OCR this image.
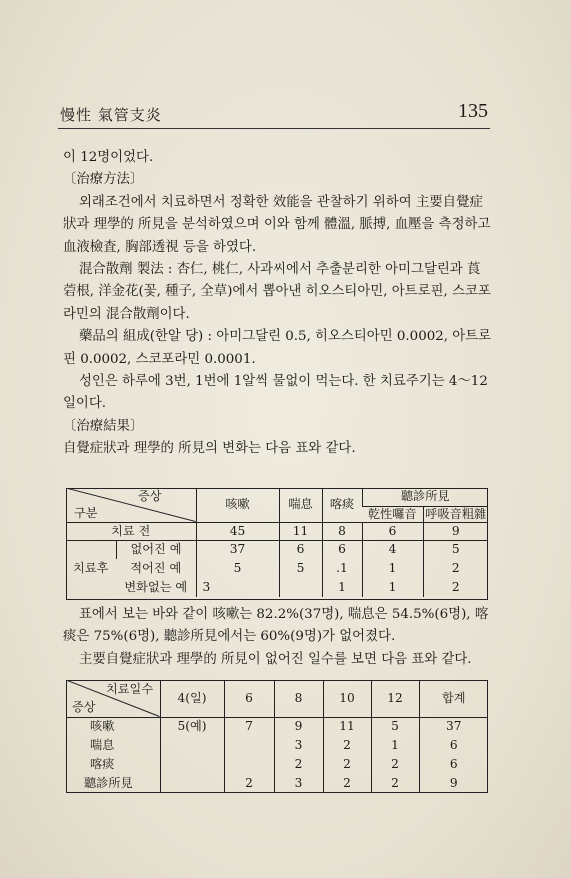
慢性 氣管支炎	135

이 12명이었다.

〔治療方法〕

외래조건에서 치료하면서 정확한 效能을 관찰하기 위하여 主要自覺症狀과 理學的 所見을 분석하였으며 이와 함께 體溫, 脈搏, 血壓을 측정하고 血液檢査, 胸部透視 등을 하였다.

混合散劑 製法 : 杏仁, 桃仁, 사과씨에서 추출분리한 아미그달린과 莨菪根, 洋金花(꽃, 種子, 全草)에서 뽑아낸 히오스티아민, 아트로핀, 스코포라민의 混合散劑이다.

藥品의 組成(한알 당) : 아미그달린 0.5, 히오스티아민 0.0002, 아트로핀 0.0002, 스코포라민 0.0001.

성인은 하루에 3번, 1번에 1알씩 물없이 먹는다. 한 치료주기는 4～12일이다.

〔治療結果〕

自覺症狀과 理學的 所見의 변화는 다음 표와 같다.

증상
구분		咳嗽	喘息	喀痰	聽診所見	
					乾性囉音	呼吸音粗雜
치료 전		45	11	8	6	9
치료후	없어진 예	37	6	6	4	5
	적어진 예	5	5	.1	1	2
	변화없는 예	3		1	1	2

표에서 보는 바와 같이 咳嗽는 82.2%(37명), 喘息은 54.5%(6명), 喀痰은 75%(6명), 聽診所見에서는 60%(9명)가 없어졌다.

主要自覺症狀과 理學的 所見이 없어진 일수를 보면 다음 표와 같다.

치료일수
증상	4(일)	6	8	10	12	합계
咳嗽	5(예)	7	9	11	5	37
喘息			3	2	1	6
喀痰			2	2	2	6
聽診所見		2	3	2	2	9
